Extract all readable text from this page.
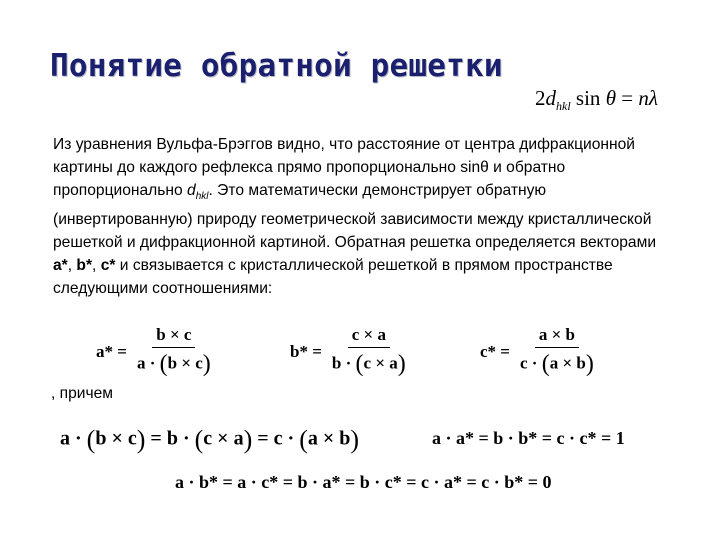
Понятие обратной решетки
$2d_{hkl}$ sin θ = nλ

Из уравнения Вульфа-Брэггов видно, что расстояние от центра дифракционной картины до каждого рефлекса прямо пропорционально sinθ и обратно пропорционально $d_{hkl}$. Это математически демонстрирует обратную (инвертированную) природу геометрической зависимости между кристаллической решеткой и дифракционной картиной. Обратная решетка определяется векторами a*, b*, c* и связывается с кристаллической решеткой в прямом пространстве следующими соотношениями:

$a* = \frac{b \times c}{a \cdot (b \times c)}$	$b* = \frac{c \times a}{b \cdot (c \times a)}$	$c* = \frac{a \times b}{c \cdot (a \times b)}$
, причем
a · (b × c) = b · (c × a) = c · (a × b)	a · a* = b · b* = c · c* = 1
a · b* = a · c* = b · a* = b · c* = c · a* = c · b* = 0
